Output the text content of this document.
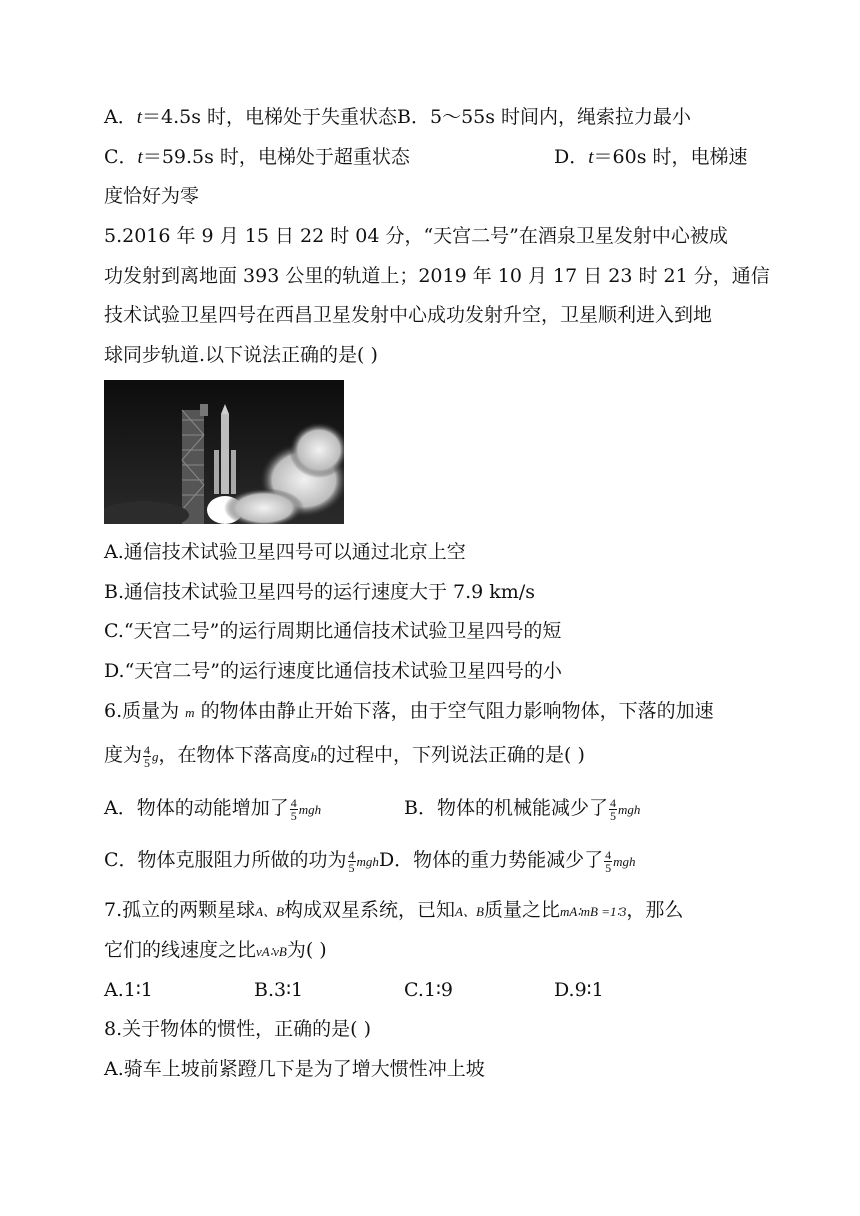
A．t＝4.5s 时，电梯处于失重状态B．5～55s 时间内，绳索拉力最小
C．t＝59.5s 时，电梯处于超重状态	D．t＝60s 时，电梯速
度恰好为零
5.2016 年 9 月 15 日 22 时 04 分，“天宫二号”在酒泉卫星发射中心被成
功发射到离地面 393 公里的轨道上；2019 年 10 月 17 日 23 时 21 分，通信
技术试验卫星四号在西昌卫星发射中心成功发射升空，卫星顺利进入到地
球同步轨道.以下说法正确的是( )
A.通信技术试验卫星四号可以通过北京上空
B.通信技术试验卫星四号的运行速度大于 7.9 km/s
C.“天宫二号”的运行周期比通信技术试验卫星四号的短
D.“天宫二号”的运行速度比通信技术试验卫星四号的小
6.质量为 m 的物体由静止开始下落，由于空气阻力影响物体，下落的加速
度为 $\frac{4}{5}$ g，在物体下落高度h的过程中，下列说法正确的是( )
A．物体的动能增加了 $\frac{4}{5}$ mgh	B．物体的机械能减少了 $\frac{4}{5}$ mgh
C．物体克服阻力所做的功为 $\frac{4}{5}$ mghD．物体的重力势能减少了 $\frac{4}{5}$ mgh
7.孤立的两颗星球A、B构成双星系统，已知A、B质量之比mA∶mB =1∶3，那么
它们的线速度之比vA∶vB为( )
A.1∶1	B.3∶1	C.1∶9	D.9∶1
8.关于物体的惯性，正确的是( )
A.骑车上坡前紧蹬几下是为了增大惯性冲上坡
